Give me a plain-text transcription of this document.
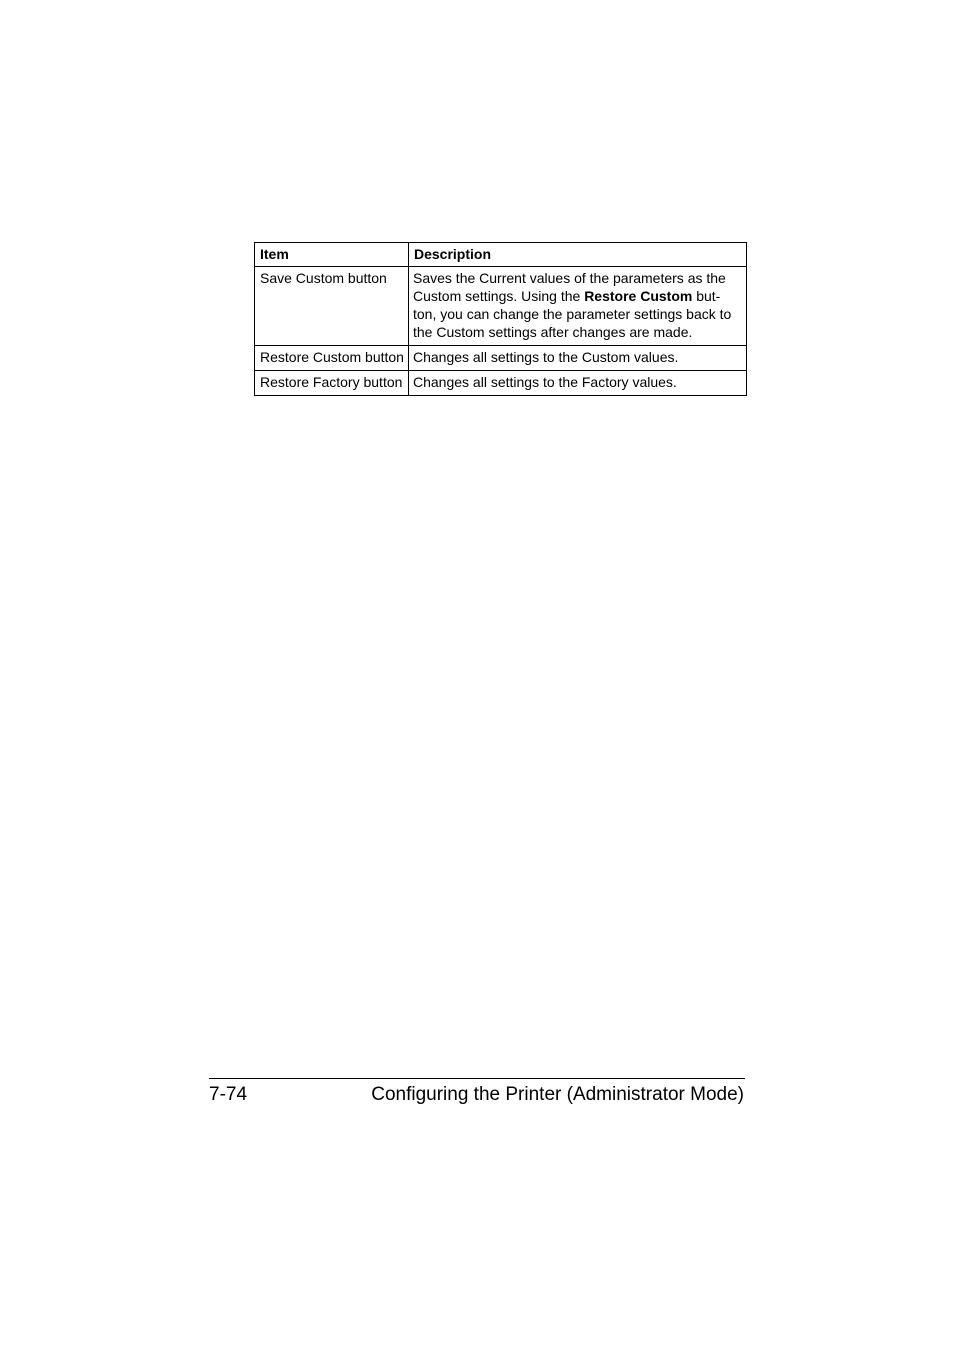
Item	Description
Save Custom button	Saves the Current values of the parameters as the Custom settings. Using the Restore Custom but-ton, you can change the parameter settings back to the Custom settings after changes are made.
Restore Custom button	Changes all settings to the Custom values.
Restore Factory button	Changes all settings to the Factory values.
7-74	Configuring the Printer (Administrator Mode)
